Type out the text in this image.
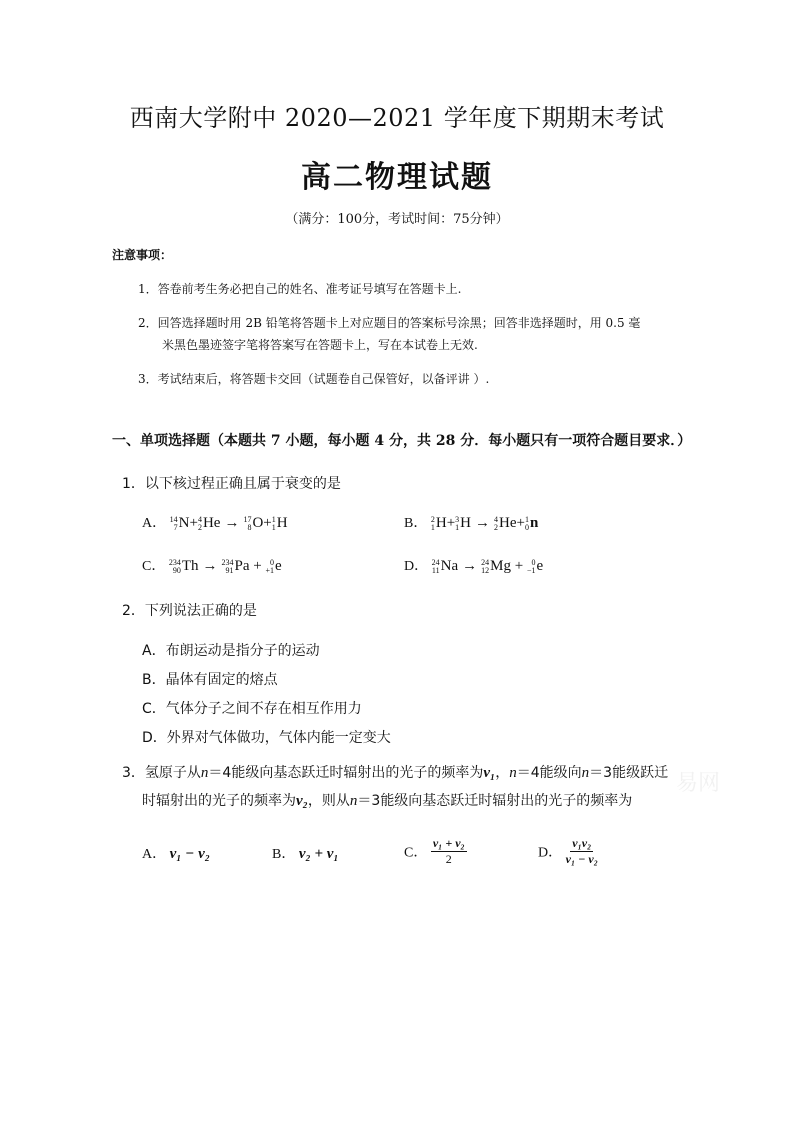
西南大学附中 2020—2021 学年度下期期末考试
高二物理试题
（满分：100分，考试时间：75分钟）
注意事项：
1．答卷前考生务必把自己的姓名、准考证号填写在答题卡上.
2．回答选择题时用 2B 铅笔将答题卡上对应题目的答案标号涂黑；回答非选择题时，用 0.5 毫
米黑色墨迹签字笔将答案写在答题卡上，写在本试卷上无效.
3．考试结束后，将答题卡交回（试题卷自己保管好，以备评讲 ）.
一、单项选择题（本题共 7 小题，每小题 4 分，共 28 分．每小题只有一项符合题目要求．）
1．以下核过程正确且属于衰变的是
A． 14
7 N+ 4
2 He → 17
8 O+ 1
1 H	B． 2
1 H+ 3
1 H → 4
2 He+ 1
0 n
C． 234
90 Th → 234
91 Pa + 0
+1 e	D． 24
11 Na → 24
12 Mg + 0
−1 e
2．下列说法正确的是
A．布朗运动是指分子的运动
B．晶体有固定的熔点
C．气体分子之间不存在相互作用力
D．外界对气体做功，气体内能一定变大
3．氢原子从n＝4能级向基态跃迁时辐射出的光子的频率为ν₁，n＝4能级向n＝3能级跃迁
时辐射出的光子的频率为ν₂，则从n＝3能级向基态跃迁时辐射出的光子的频率为
A． ν₁ − ν₂	B． ν₂ + ν₁	C． $\frac{\text{ν₁ + ν₂}}{2}$	D． $\frac{\text{ν₁ν₂}}{\text{ν₁ − ν₂}}$
易网
